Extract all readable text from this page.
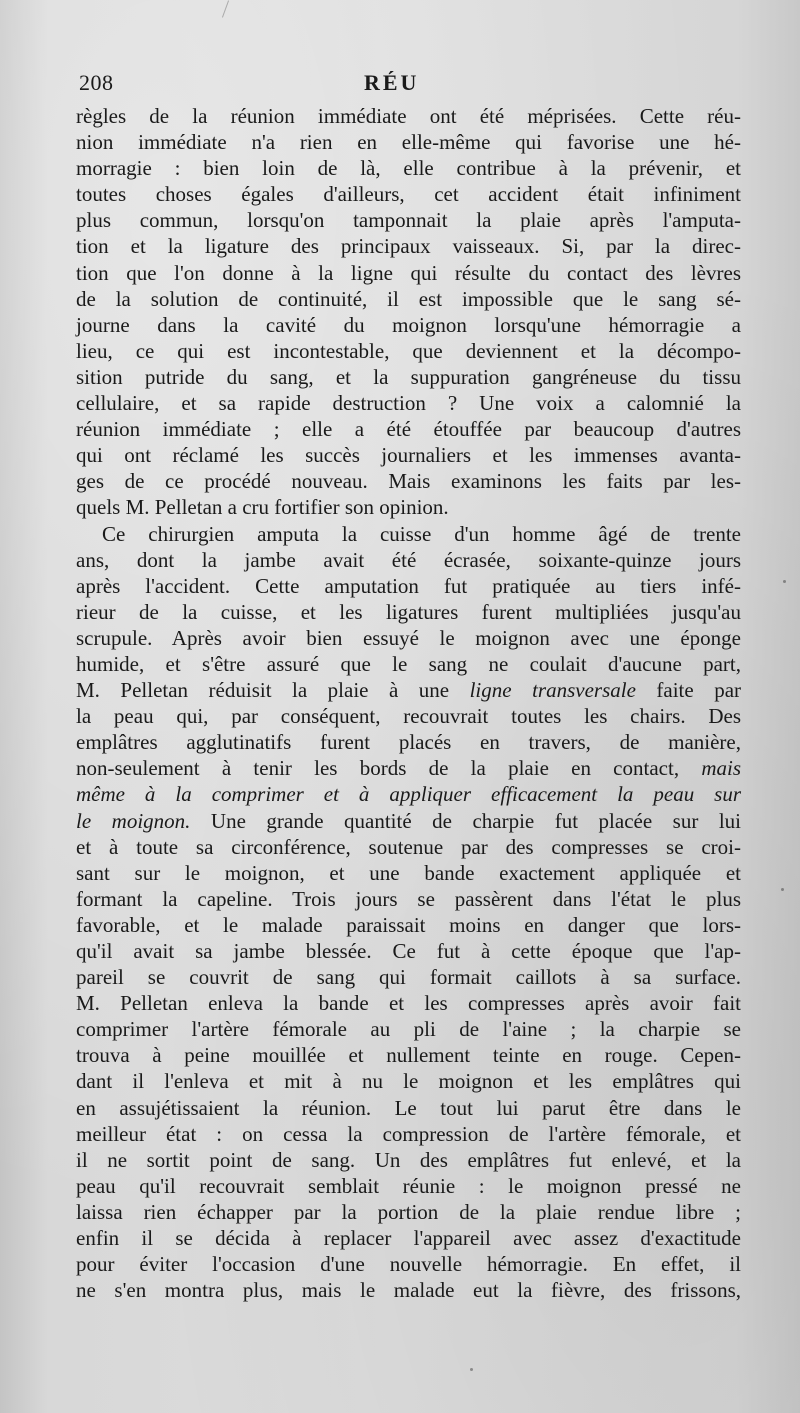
208	RÉU
règles de la réunion immédiate ont été méprisées. Cette réu-
nion immédiate n'a rien en elle-même qui favorise une hé-
morragie : bien loin de là, elle contribue à la prévenir, et
toutes choses égales d'ailleurs, cet accident était infiniment
plus commun, lorsqu'on tamponnait la plaie après l'amputa-
tion et la ligature des principaux vaisseaux. Si, par la direc-
tion que l'on donne à la ligne qui résulte du contact des lèvres
de la solution de continuité, il est impossible que le sang sé-
journe dans la cavité du moignon lorsqu'une hémorragie a
lieu, ce qui est incontestable, que deviennent et la décompo-
sition putride du sang, et la suppuration gangréneuse du tissu
cellulaire, et sa rapide destruction ? Une voix a calomnié la
réunion immédiate ; elle a été étouffée par beaucoup d'autres
qui ont réclamé les succès journaliers et les immenses avanta-
ges de ce procédé nouveau. Mais examinons les faits par les-
quels M. Pelletan a cru fortifier son opinion.
Ce chirurgien amputa la cuisse d'un homme âgé de trente
ans, dont la jambe avait été écrasée, soixante-quinze jours
après l'accident. Cette amputation fut pratiquée au tiers infé-
rieur de la cuisse, et les ligatures furent multipliées jusqu'au
scrupule. Après avoir bien essuyé le moignon avec une éponge
humide, et s'être assuré que le sang ne coulait d'aucune part,
M. Pelletan réduisit la plaie à une ligne transversale faite par
la peau qui, par conséquent, recouvrait toutes les chairs. Des
emplâtres agglutinatifs furent placés en travers, de manière,
non-seulement à tenir les bords de la plaie en contact, mais
même à la comprimer et à appliquer efficacement la peau sur
le moignon. Une grande quantité de charpie fut placée sur lui
et à toute sa circonférence, soutenue par des compresses se croi-
sant sur le moignon, et une bande exactement appliquée et
formant la capeline. Trois jours se passèrent dans l'état le plus
favorable, et le malade paraissait moins en danger que lors-
qu'il avait sa jambe blessée. Ce fut à cette époque que l'ap-
pareil se couvrit de sang qui formait caillots à sa surface.
M. Pelletan enleva la bande et les compresses après avoir fait
comprimer l'artère fémorale au pli de l'aine ; la charpie se
trouva à peine mouillée et nullement teinte en rouge. Cepen-
dant il l'enleva et mit à nu le moignon et les emplâtres qui
en assujétissaient la réunion. Le tout lui parut être dans le
meilleur état : on cessa la compression de l'artère fémorale, et
il ne sortit point de sang. Un des emplâtres fut enlevé, et la
peau qu'il recouvrait semblait réunie : le moignon pressé ne
laissa rien échapper par la portion de la plaie rendue libre ;
enfin il se décida à replacer l'appareil avec assez d'exactitude
pour éviter l'occasion d'une nouvelle hémorragie. En effet, il
ne s'en montra plus, mais le malade eut la fièvre, des frissons,
